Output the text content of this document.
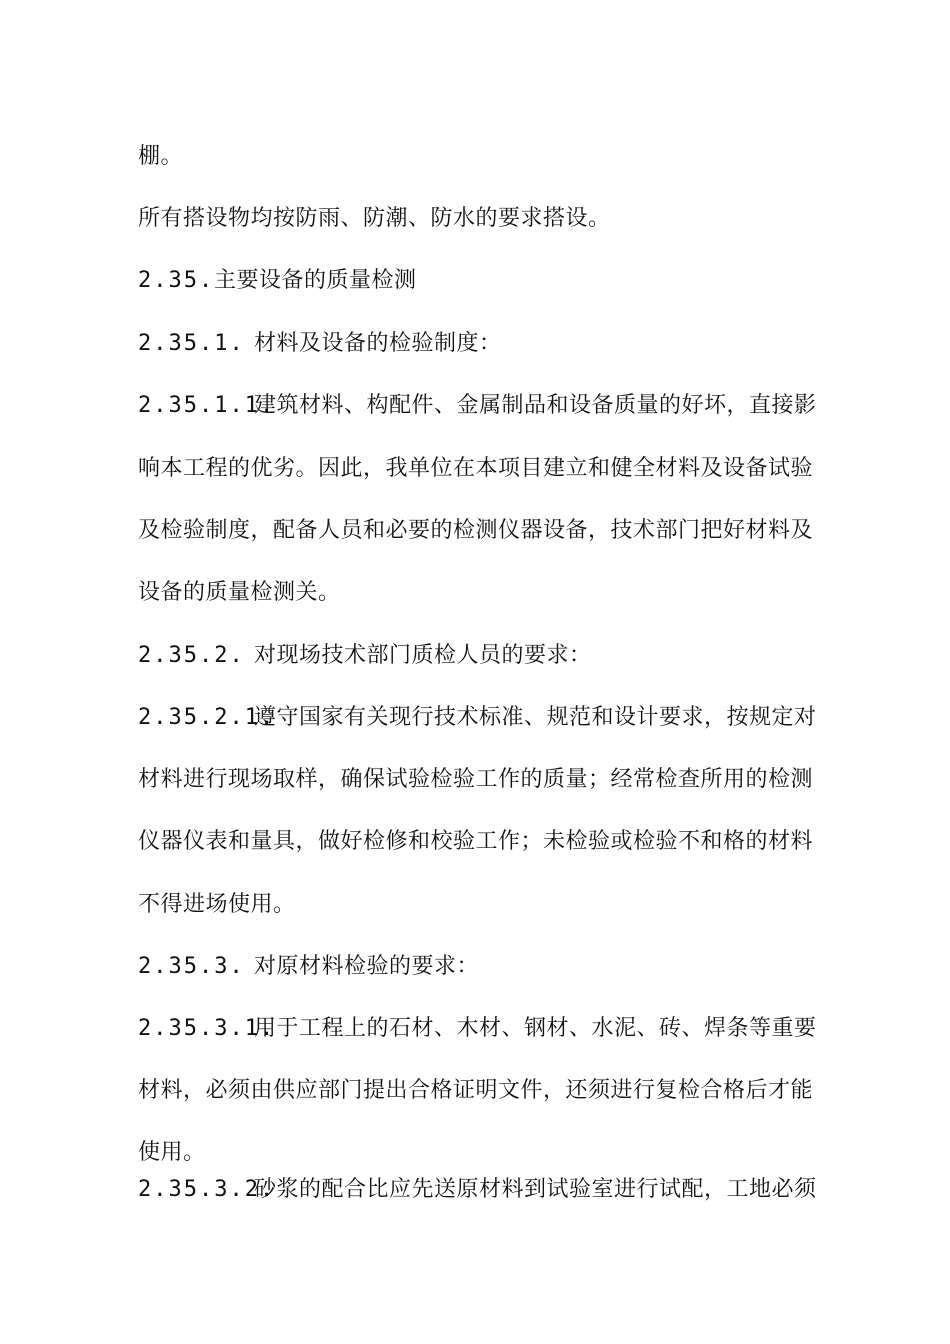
棚。
所有搭设物均按防雨、防潮、防水的要求搭设。
2.35.主要设备的质量检测
2.35.1. 材料及设备的检验制度：
2.35.1.1.建筑材料、构配件、金属制品和设备质量的好坏，直接影
响本工程的优劣。因此，我单位在本项目建立和健全材料及设备试验
及检验制度，配备人员和必要的检测仪器设备，技术部门把好材料及
设备的质量检测关。
2.35.2. 对现场技术部门质检人员的要求：
2.35.2.1.遵守国家有关现行技术标准、规范和设计要求，按规定对
材料进行现场取样，确保试验检验工作的质量；经常检查所用的检测
仪器仪表和量具，做好检修和校验工作；未检验或检验不和格的材料
不得进场使用。
2.35.3. 对原材料检验的要求：
2.35.3.1.用于工程上的石材、木材、钢材、水泥、砖、焊条等重要
材料，必须由供应部门提出合格证明文件，还须进行复检合格后才能
使用。
2.35.3.2.砂浆的配合比应先送原材料到试验室进行试配，工地必须
